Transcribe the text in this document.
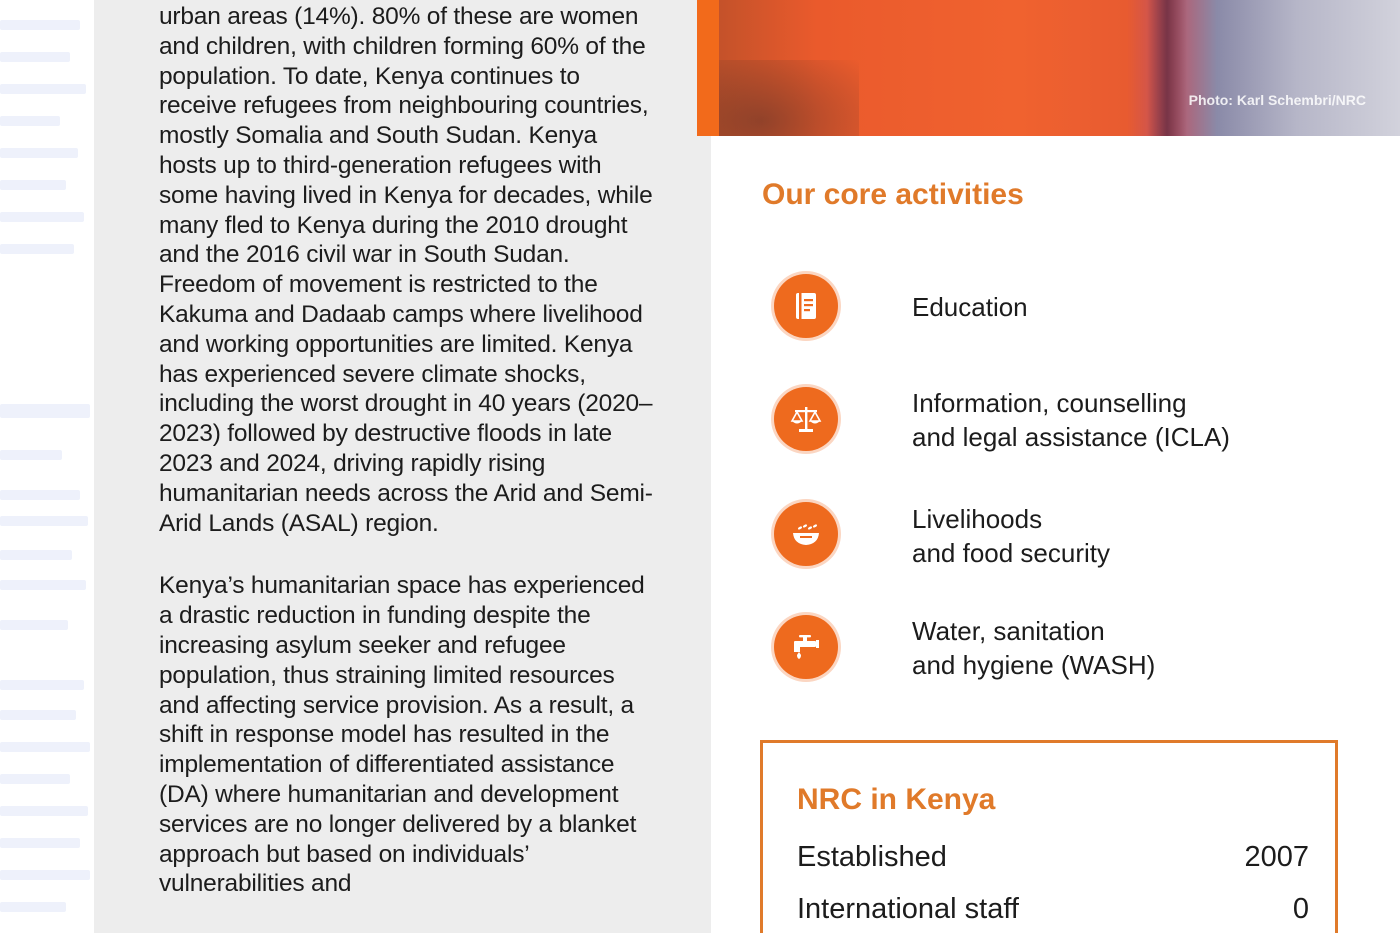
urban areas (14%). 80% of these are women and children, with children forming 60% of the population. To date, Kenya continues to receive refugees from neighbouring countries, mostly Somalia and South Sudan. Kenya hosts up to third-generation refugees with some having lived in Kenya for decades, while many fled to Kenya during the 2010 drought and the 2016 civil war in South Sudan. Freedom of movement is restricted to the Kakuma and Dadaab camps where livelihood and working opportunities are limited. Kenya has experienced severe climate shocks, including the worst drought in 40 years (2020–2023) followed by destructive floods in late 2023 and 2024, driving rapidly rising humanitarian needs across the Arid and Semi-Arid Lands (ASAL) region.

Kenya’s humanitarian space has experienced a drastic reduction in funding despite the increasing asylum seeker and refugee population, thus straining limited resources and affecting service provision. As a result, a shift in response model has resulted in the implementation of differentiated assistance (DA) where humanitarian and development services are no longer delivered by a blanket approach but based on individuals’ vulnerabilities and

Photo: Karl Schembri/NRC
Our core activities
Education
Information, counselling
and legal assistance (ICLA)
Livelihoods
and food security
Water, sanitation
and hygiene (WASH)
NRC in Kenya
Established	2007
International staff	0
